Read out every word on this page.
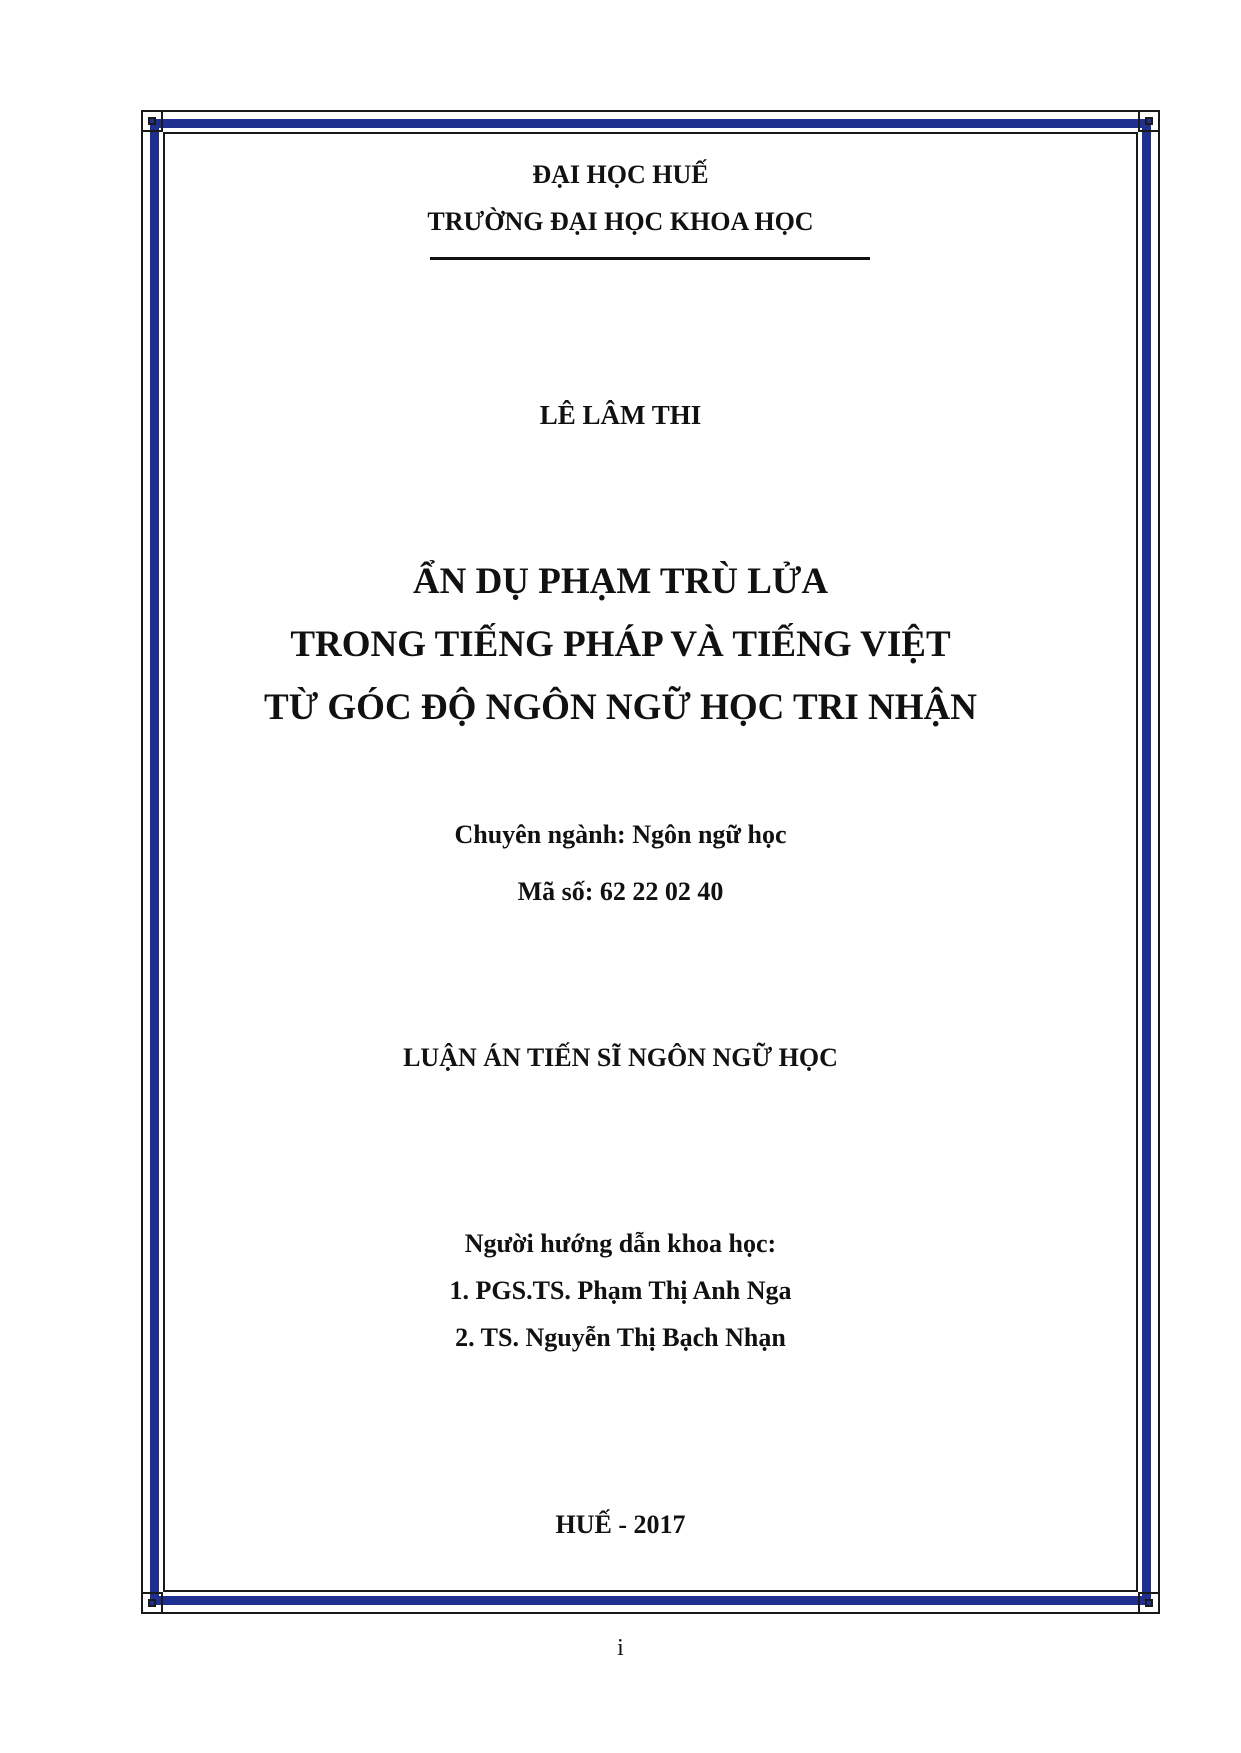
ĐẠI HỌC HUẾ
TRƯỜNG ĐẠI HỌC KHOA HỌC
LÊ LÂM THI
ẨN DỤ PHẠM TRÙ LỬA
TRONG TIẾNG PHÁP VÀ TIẾNG VIỆT
TỪ GÓC ĐỘ NGÔN NGỮ HỌC TRI NHẬN
Chuyên ngành: Ngôn ngữ học
Mã số: 62 22 02 40
LUẬN ÁN TIẾN SĨ NGÔN NGỮ HỌC
Người hướng dẫn khoa học:
1. PGS.TS. Phạm Thị Anh Nga
2. TS. Nguyễn Thị Bạch Nhạn
HUẾ - 2017
i
